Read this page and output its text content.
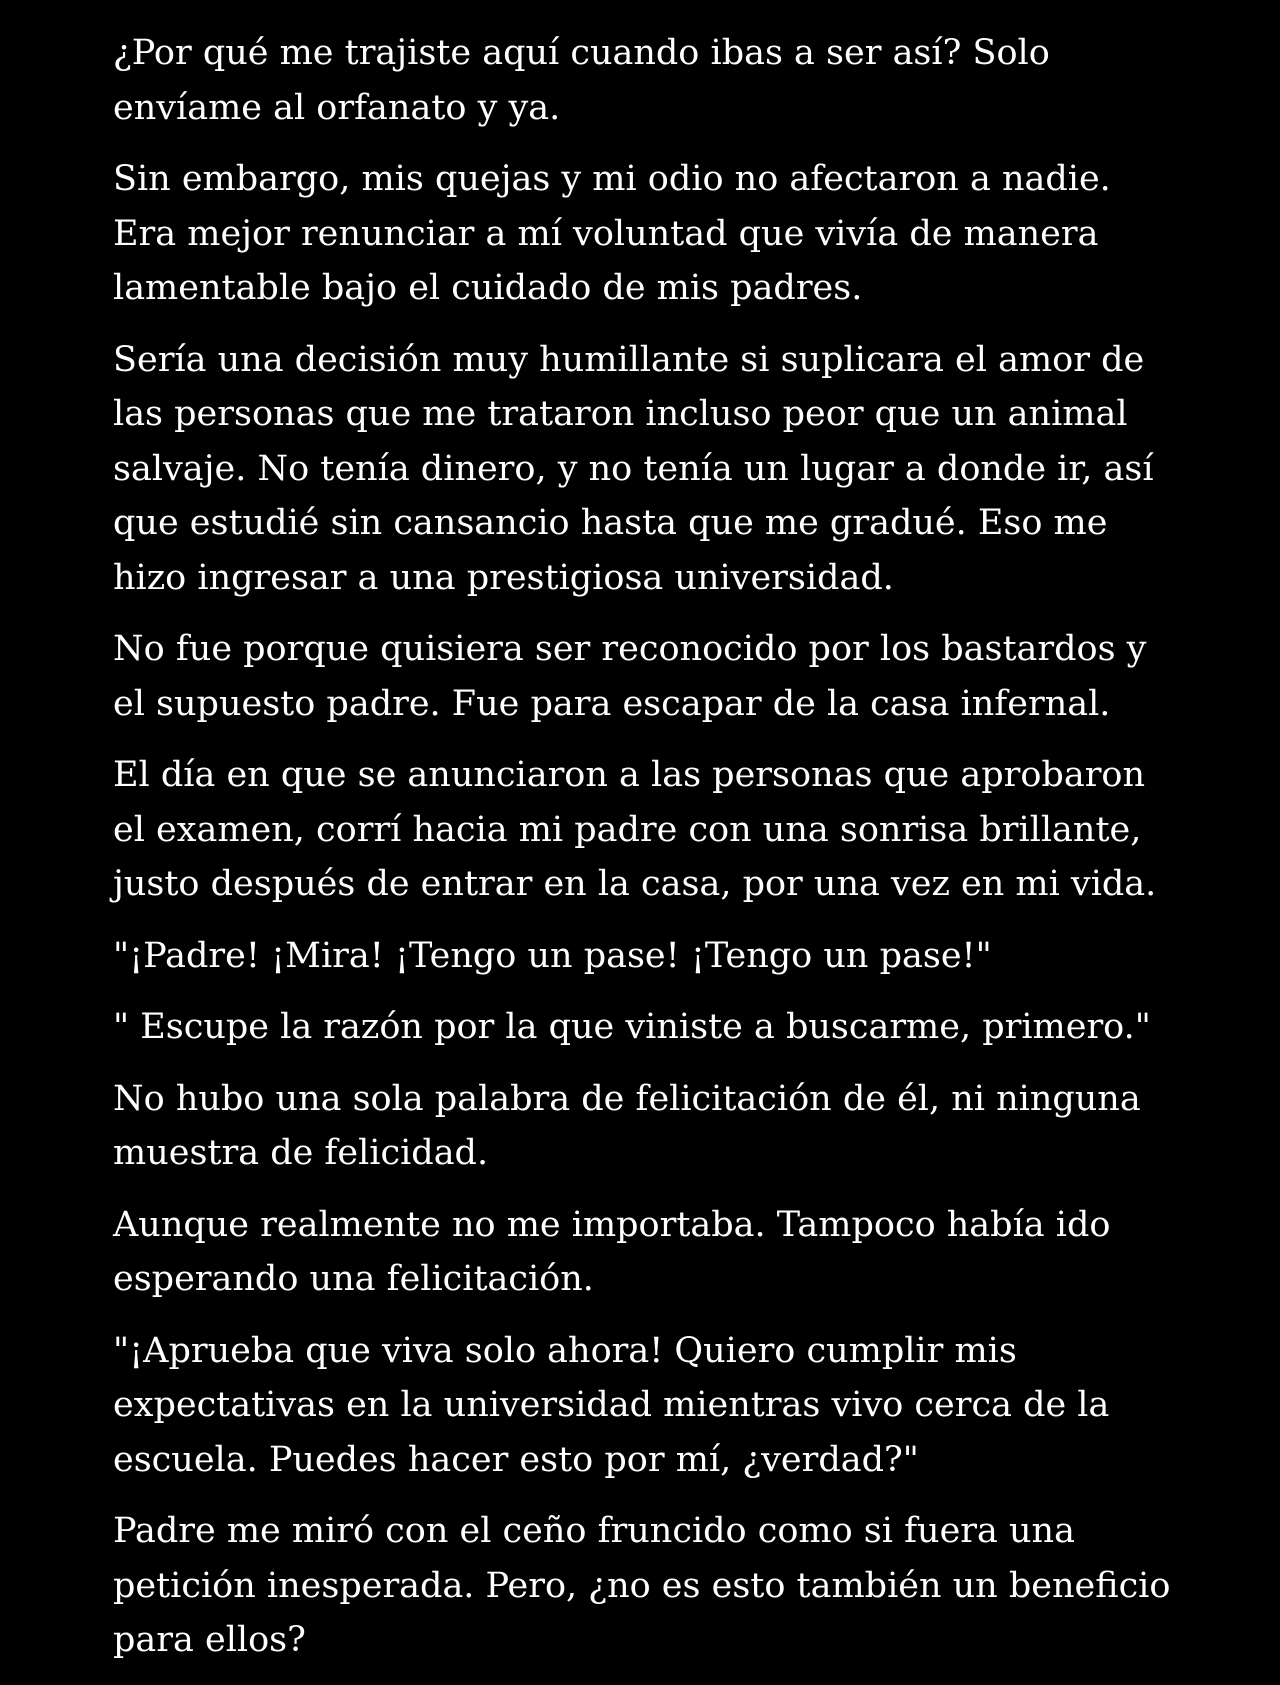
¿Por qué me trajiste aquí cuando ibas a ser así? Solo envíame al orfanato y ya.

Sin embargo, mis quejas y mi odio no afectaron a nadie. Era mejor renunciar a mí voluntad que vivía de manera lamentable bajo el cuidado de mis padres.

Sería una decisión muy humillante si suplicara el amor de las personas que me trataron incluso peor que un animal salvaje. No tenía dinero, y no tenía un lugar a donde ir, así que estudié sin cansancio hasta que me gradué. Eso me hizo ingresar a una prestigiosa universidad.

No fue porque quisiera ser reconocido por los bastardos y el supuesto padre. Fue para escapar de la casa infernal.

El día en que se anunciaron a las personas que aprobaron el examen, corrí hacia mi padre con una sonrisa brillante, justo después de entrar en la casa, por una vez en mi vida.

"¡Padre! ¡Mira! ¡Tengo un pase! ¡Tengo un pase!"

" Escupe la razón por la que viniste a buscarme, primero."

No hubo una sola palabra de felicitación de él, ni ninguna muestra de felicidad.

Aunque realmente no me importaba. Tampoco había ido esperando una felicitación.

"¡Aprueba que viva solo ahora! Quiero cumplir mis expectativas en la universidad mientras vivo cerca de la escuela. Puedes hacer esto por mí, ¿verdad?"

Padre me miró con el ceño fruncido como si fuera una petición inesperada. Pero, ¿no es esto también un beneficio para ellos?
